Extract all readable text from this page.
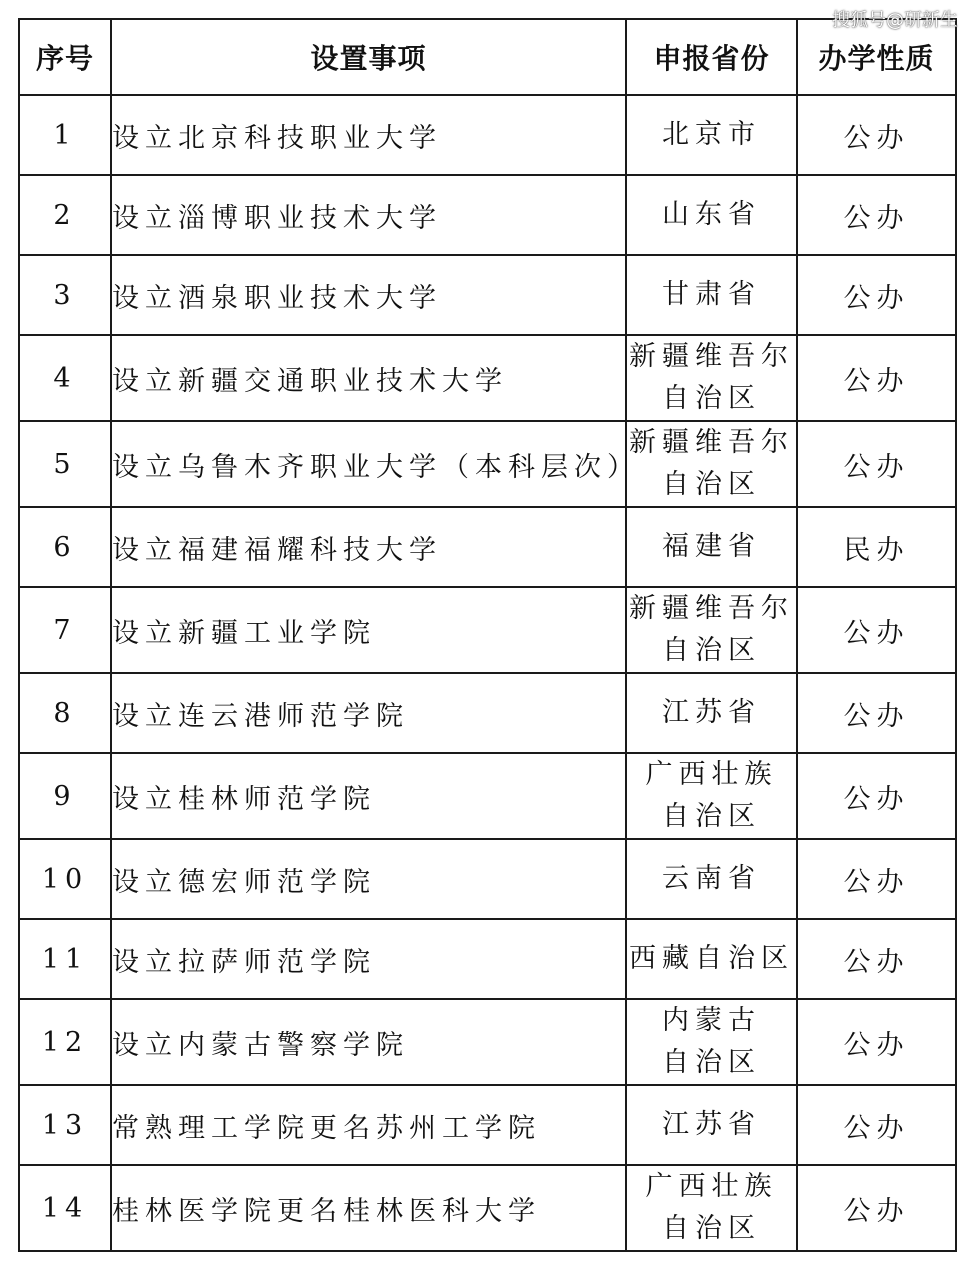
搜狐号@研新生
序号	设置事项	申报省份	办学性质
1	设立北京科技职业大学	北京市	公办
2	设立淄博职业技术大学	山东省	公办
3	设立酒泉职业技术大学	甘肃省	公办
4	设立新疆交通职业技术大学	新疆维吾尔
自治区	公办
5	设立乌鲁木齐职业大学（本科层次）	新疆维吾尔
自治区	公办
6	设立福建福耀科技大学	福建省	民办
7	设立新疆工业学院	新疆维吾尔
自治区	公办
8	设立连云港师范学院	江苏省	公办
9	设立桂林师范学院	广西壮族
自治区	公办
10	设立德宏师范学院	云南省	公办
11	设立拉萨师范学院	西藏自治区	公办
12	设立内蒙古警察学院	内蒙古
自治区	公办
13	常熟理工学院更名苏州工学院	江苏省	公办
14	桂林医学院更名桂林医科大学	广西壮族
自治区	公办
